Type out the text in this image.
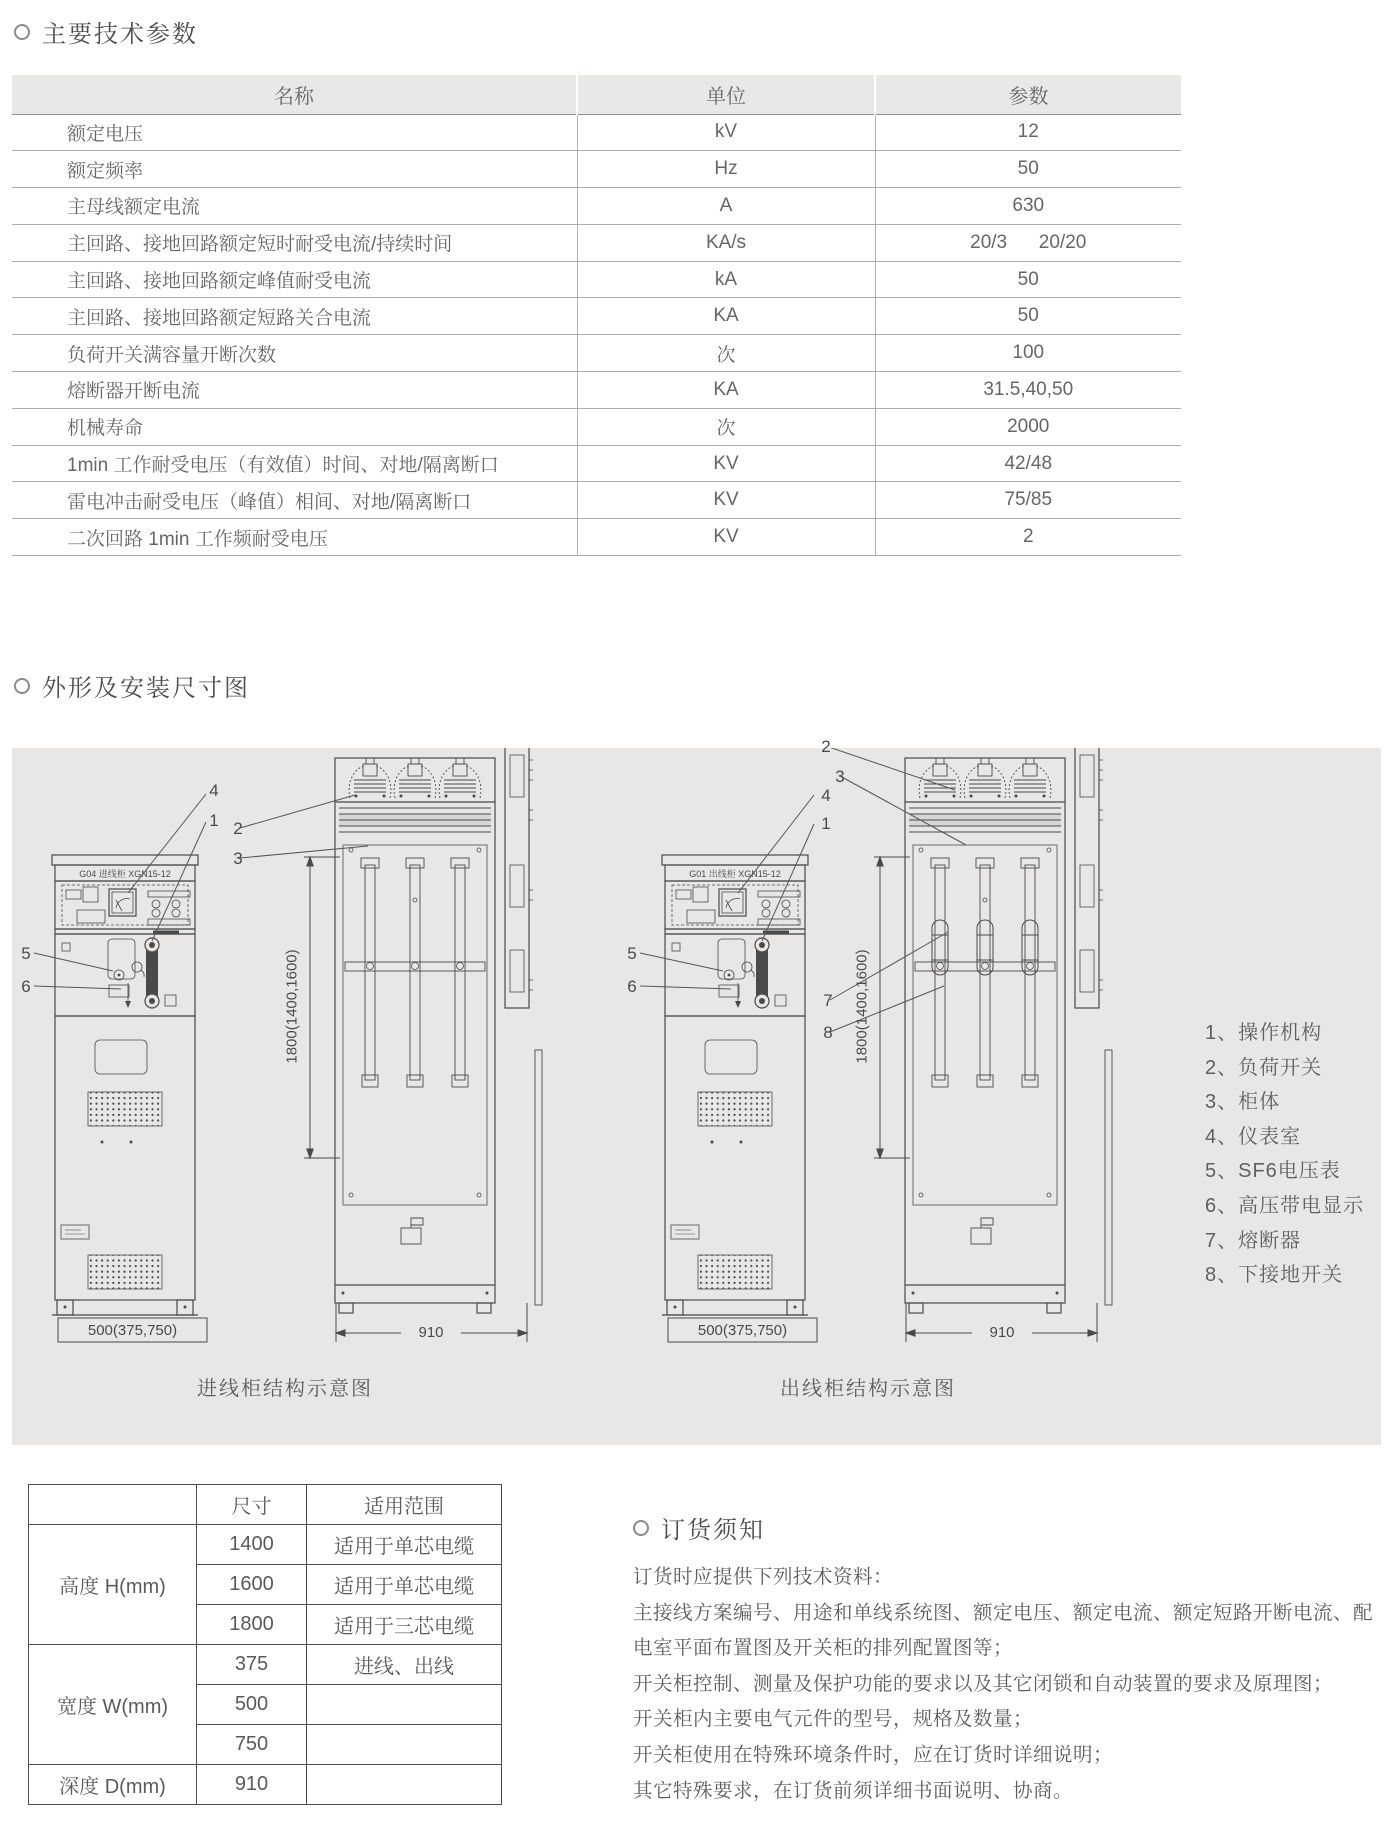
主要技术参数
名称	单位	参数
额定电压	kV	12
额定频率	Hz	50
主母线额定电流	A	630
主回路、接地回路额定短时耐受电流/持续时间	KA/s	20/3      20/20
主回路、接地回路额定峰值耐受电流	kA	50
主回路、接地回路额定短路关合电流	KA	50
负荷开关满容量开断次数	次	100
熔断器开断电流	KA	31.5,40,50
机械寿命	次	2000
1min 工作耐受电压（有效值）时间、对地/隔离断口	KV	42/48
雷电冲击耐受电压（峰值）相间、对地/隔离断口	KV	75/85
二次回路 1min 工作频耐受电压	KV	2
外形及安装尺寸图
G04 进线柜 XGN15-12	G01 出线柜 XGN15-12
500(375,750)	500(375,750)
910	910
1800(1400,1600)	1800(1400,1600)
4
1
5
6
2
3
2
3
4
1
5
6
7
8
进线柜结构示意图	出线柜结构示意图
1、操作机构
2、负荷开关
3、柜体
4、仪表室
5、SF6电压表
6、高压带电显示
7、熔断器
8、下接地开关
	尺寸	适用范围
高度 H(mm)	1400	适用于单芯电缆
	1600	适用于单芯电缆
	1800	适用于三芯电缆
宽度 W(mm)	375	进线、出线
	500	
	750	
深度 D(mm)	910	
订货须知
订货时应提供下列技术资料：
主接线方案编号、用途和单线系统图、额定电压、额定电流、额定短路开断电流、配
电室平面布置图及开关柜的排列配置图等；
开关柜控制、测量及保护功能的要求以及其它闭锁和自动装置的要求及原理图；
开关柜内主要电气元件的型号，规格及数量；
开关柜使用在特殊环境条件时，应在订货时详细说明；
其它特殊要求，在订货前须详细书面说明、协商。
